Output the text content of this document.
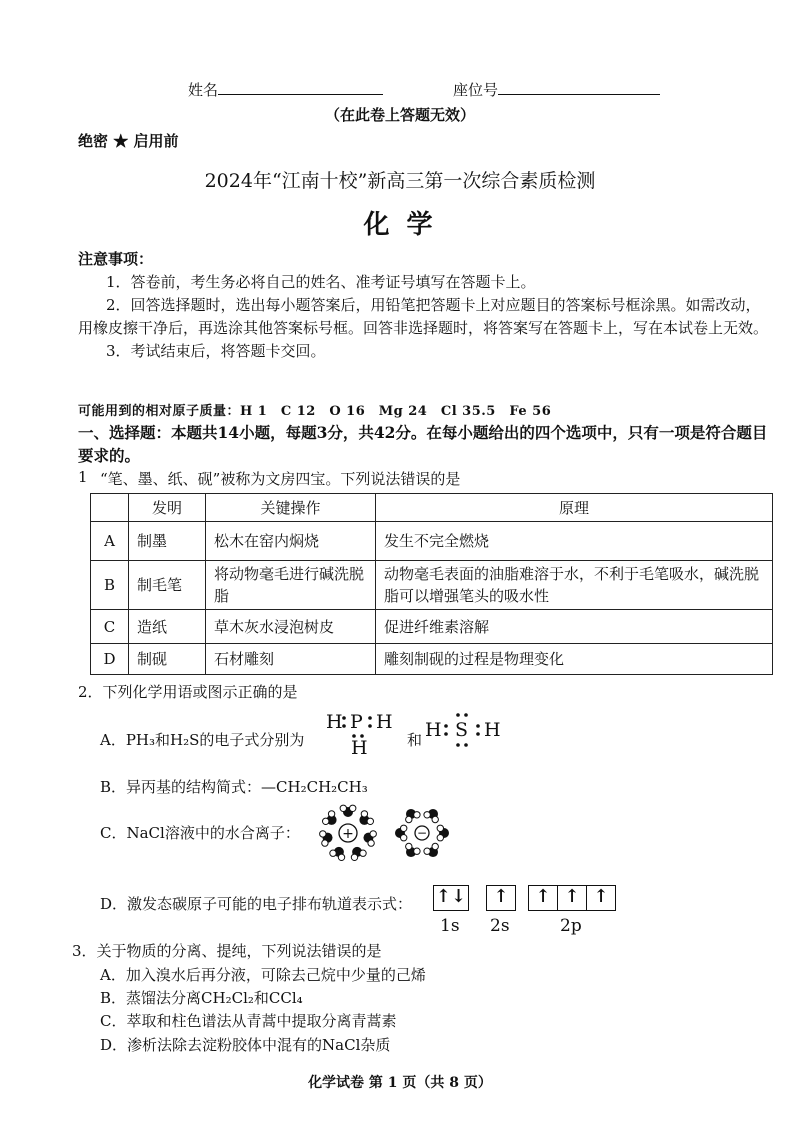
姓名	座位号
（在此卷上答题无效）
绝密 ★ 启用前
2024年“江南十校”新高三第一次综合素质检测
化 学
注意事项：

1．答卷前，考生务必将自己的姓名、准考证号填写在答题卡上。

2．回答选择题时，选出每小题答案后，用铅笔把答题卡上对应题目的答案标号框涂黑。如需改动，用橡皮擦干净后，再选涂其他答案标号框。回答非选择题时，将答案写在答题卡上，写在本试卷上无效。

3．考试结束后，将答题卡交回。

可能用到的相对原子质量：H 1　C 12　O 16　Mg 24　Cl 35.5　Fe 56
一、选择题：本题共14小题，每题3分，共42分。在每小题给出的四个选项中，只有一项是符合题目要求的。
1 “笔、墨、纸、砚”被称为文房四宝。下列说法错误的是
	发明	关键操作	原理
A	制墨	松木在窑内焖烧	发生不完全燃烧
B	制毛笔	将动物毫毛进行碱洗脱脂	动物毫毛表面的油脂难溶于水，不利于毛笔吸水，碱洗脱脂可以增强笔头的吸水性
C	造纸	草木灰水浸泡树皮	促进纤维素溶解
D	制砚	石材雕刻	雕刻制砚的过程是物理变化
2．下列化学用语或图示正确的是
A．PH₃和H₂S的电子式分别为
H P H
H	和 H S H
B．异丙基的结构简式：—CH₂CH₂CH₃
C．NaCl溶液中的水合离子：	+	−
D．激发态碳原子可能的电子排布轨道表示式： ↑↓	↑	↑ ↑ ↑
1s 2s	2p
3．关于物质的分离、提纯，下列说法错误的是
A．加入溴水后再分液，可除去己烷中少量的己烯
B．蒸馏法分离CH₂Cl₂和CCl₄
C．萃取和柱色谱法从青蒿中提取分离青蒿素
D．渗析法除去淀粉胶体中混有的NaCl杂质
化学试卷 第 1 页（共 8 页）
